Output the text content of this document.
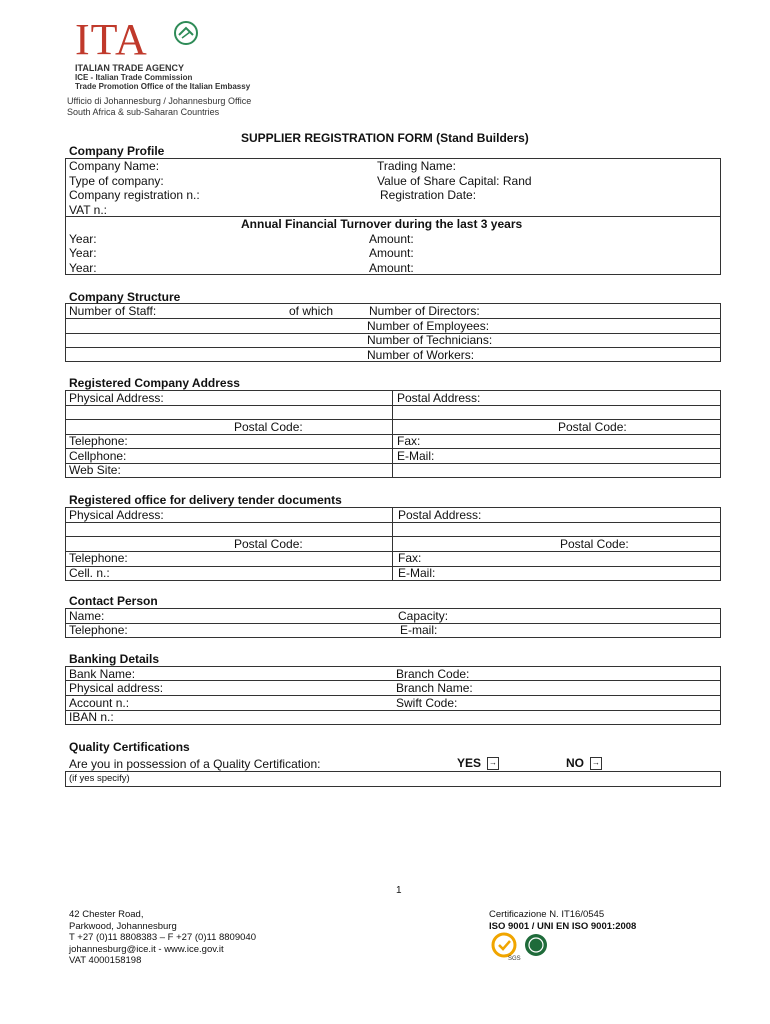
ITA
ITALIAN TRADE AGENCY
ICE - Italian Trade Commission
Trade Promotion Office of the Italian Embassy
Ufficio di Johannesburg / Johannesburg Office
South Africa & sub-Saharan Countries
SUPPLIER REGISTRATION FORM (Stand Builders)
Company Profile
Company Name:	Trading Name:
Type of company:	Value of Share Capital: Rand
Company registration n.:	Registration Date:
VAT n.:
Annual Financial Turnover during the last 3 years
Year:	Amount:
Year:	Amount:
Year:	Amount:
Company Structure
Number of Staff:	of which	Number of Directors:
Number of Employees:
Number of Technicians:
Number of Workers:
Registered Company Address
Physical Address:	Postal Address:
Postal Code:	Postal Code:
Telephone:	Fax:
Cellphone:	E-Mail:
Web Site:
Registered office for delivery tender documents
Physical Address:	Postal Address:
Postal Code:	Postal Code:
Telephone:	Fax:
Cell. n.:	E-Mail:
Contact Person
Name:	Capacity:
Telephone:	E-mail:
Banking Details
Bank Name:	Branch Code:
Physical address:	Branch Name:
Account n.:	Swift Code:
IBAN n.:
Quality Certifications
Are you in possession of a Quality Certification:	YES →	NO →
(if yes specify)
1
42 Chester Road,
Parkwood, Johannesburg
T +27 (0)11 8808383 – F +27 (0)11 8809040
johannesburg@ice.it - www.ice.gov.it
VAT 4000158198
Certificazione N. IT16/0545
ISO 9001 / UNI EN ISO 9001:2008
SGS
